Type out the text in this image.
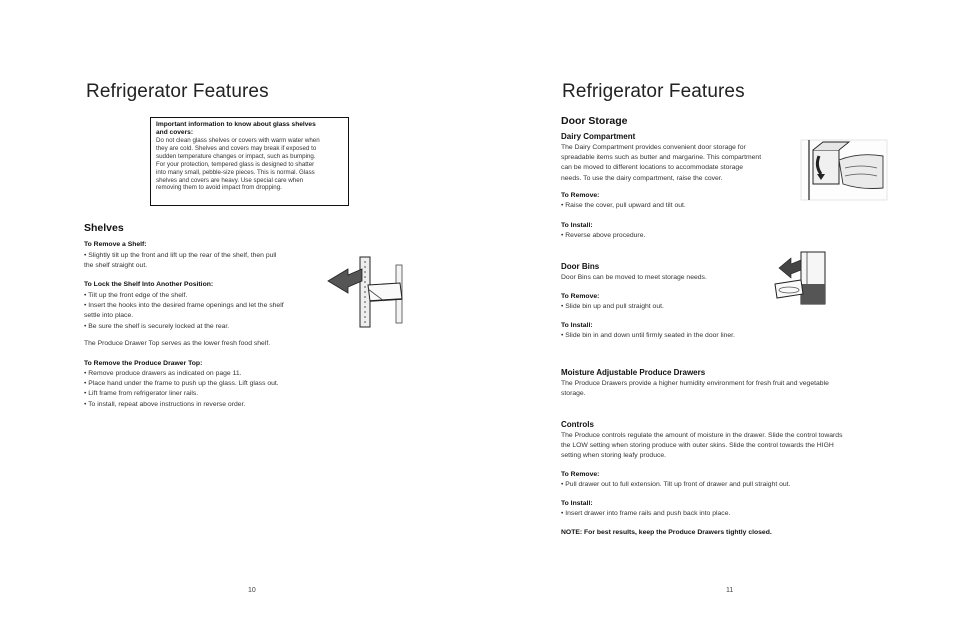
Refrigerator Features
Important information to know about glass shelves
and covers:
Do not clean glass shelves or covers with warm water when
they are cold. Shelves and covers may break if exposed to
sudden temperature changes or impact, such as bumping.
For your protection, tempered glass is designed to shatter
into many small, pebble-size pieces. This is normal. Glass
shelves and covers are heavy. Use special care when
removing them to avoid impact from dropping.
Shelves
To Remove a Shelf:
• Slightly tilt up the front and lift up the rear of the shelf, then pull
the shelf straight out.
To Lock the Shelf Into Another Position:
• Tilt up the front edge of the shelf.
• Insert the hooks into the desired frame openings and let the shelf
settle into place.
• Be sure the shelf is securely locked at the rear.
The Produce Drawer Top serves as the lower fresh food shelf.
To Remove the Produce Drawer Top:
• Remove produce drawers as indicated on page 11.
• Place hand under the frame to push up the glass. Lift glass out.
• Lift frame from refrigerator liner rails.
• To install, repeat above instructions in reverse order.
10
Refrigerator Features
Door Storage
Dairy Compartment
The Dairy Compartment provides convenient door storage for
spreadable items such as butter and margarine. This compartment
can be moved to different locations to accommodate storage
needs. To use the dairy compartment, raise the cover.
To Remove:
• Raise the cover, pull upward and tilt out.
To Install:
• Reverse above procedure.
Door Bins
Door Bins can be moved to meet storage needs.
To Remove:
• Slide bin up and pull straight out.
To Install:
• Slide bin in and down until firmly seated in the door liner.
Moisture Adjustable Produce Drawers
The Produce Drawers provide a higher humidity environment for fresh fruit and vegetable
storage.
Controls
The Produce controls regulate the amount of moisture in the drawer. Slide the control towards
the LOW setting when storing produce with outer skins. Slide the control towards the HIGH
setting when storing leafy produce.
To Remove:
• Pull drawer out to full extension. Tilt up front of drawer and pull straight out.
To Install:
• Insert drawer into frame rails and push back into place.
NOTE: For best results, keep the Produce Drawers tightly closed.
11
